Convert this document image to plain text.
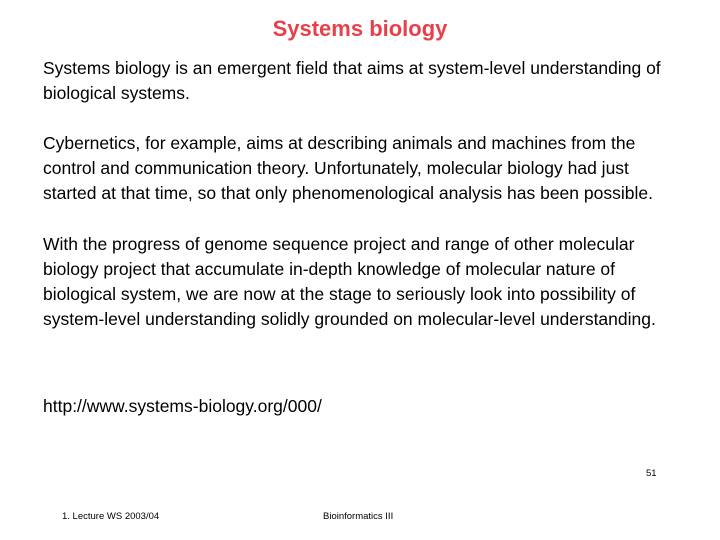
Systems biology

Systems biology is an emergent field that aims at system-level understanding of biological systems.

Cybernetics, for example, aims at describing animals and machines from the control and communication theory. Unfortunately, molecular biology had just started at that time, so that only phenomenological analysis has been possible.

With the progress of genome sequence project and range of other molecular biology project that accumulate in-depth knowledge of molecular nature of biological system, we are now at the stage to seriously look into possibility of system-level understanding solidly grounded on molecular-level understanding.

http://www.systems-biology.org/000/

51

1. Lecture WS 2003/04	Bioinformatics III
